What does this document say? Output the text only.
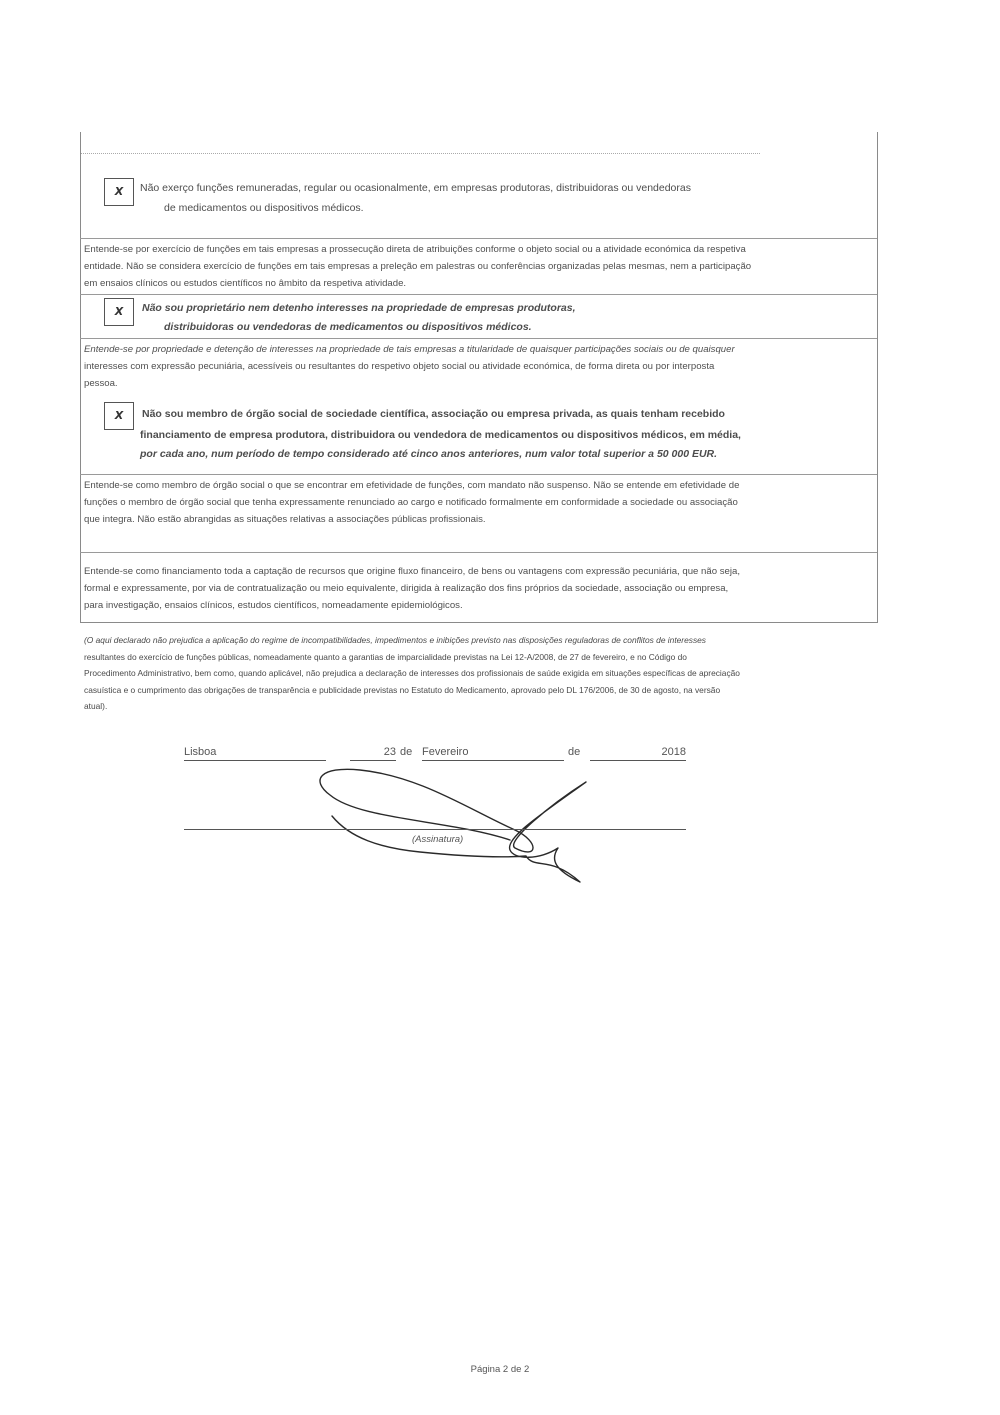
X	Não exerço funções remuneradas, regular ou ocasionalmente, em empresas produtoras, distribuidoras ou vendedoras
de medicamentos ou dispositivos médicos.
Entende-se por exercício de funções em tais empresas a prossecução direta de atribuições conforme o objeto social ou a atividade económica da respetiva
entidade. Não se considera exercício de funções em tais empresas a preleção em palestras ou conferências organizadas pelas mesmas, nem a participação
em ensaios clínicos ou estudos científicos no âmbito da respetiva atividade.
X	Não sou proprietário nem detenho interesses na propriedade de empresas produtoras,
distribuidoras ou vendedoras de medicamentos ou dispositivos médicos.
Entende-se por propriedade e detenção de interesses na propriedade de tais empresas a titularidade de quaisquer participações sociais ou de quaisquer
interesses com expressão pecuniária, acessíveis ou resultantes do respetivo objeto social ou atividade económica, de forma direta ou por interposta
pessoa.
X	Não sou membro de órgão social de sociedade científica, associação ou empresa privada, as quais tenham recebido
financiamento de empresa produtora, distribuidora ou vendedora de medicamentos ou dispositivos médicos, em média,
por cada ano, num período de tempo considerado até cinco anos anteriores, num valor total superior a 50 000 EUR.
Entende-se como membro de órgão social o que se encontrar em efetividade de funções, com mandato não suspenso. Não se entende em efetividade de
funções o membro de órgão social que tenha expressamente renunciado ao cargo e notificado formalmente em conformidade a sociedade ou associação
que integra. Não estão abrangidas as situações relativas a associações públicas profissionais.
Entende-se como financiamento toda a captação de recursos que origine fluxo financeiro, de bens ou vantagens com expressão pecuniária, que não seja,
formal e expressamente, por via de contratualização ou meio equivalente, dirigida à realização dos fins próprios da sociedade, associação ou empresa,
para investigação, ensaios clínicos, estudos científicos, nomeadamente epidemiológicos.
(O aqui declarado não prejudica a aplicação do regime de incompatibilidades, impedimentos e inibições previsto nas disposições reguladoras de conflitos de interesses
resultantes do exercício de funções públicas, nomeadamente quanto a garantias de imparcialidade previstas na Lei 12-A/2008, de 27 de fevereiro, e no Código do
Procedimento Administrativo, bem como, quando aplicável, não prejudica a declaração de interesses dos profissionais de saúde exigida em situações específicas de apreciação
casuística e o cumprimento das obrigações de transparência e publicidade previstas no Estatuto do Medicamento, aprovado pelo DL 176/2006, de 30 de agosto, na versão
atual).
Lisboa	23 de Fevereiro	de	2018
(Assinatura)
Página 2 de 2
